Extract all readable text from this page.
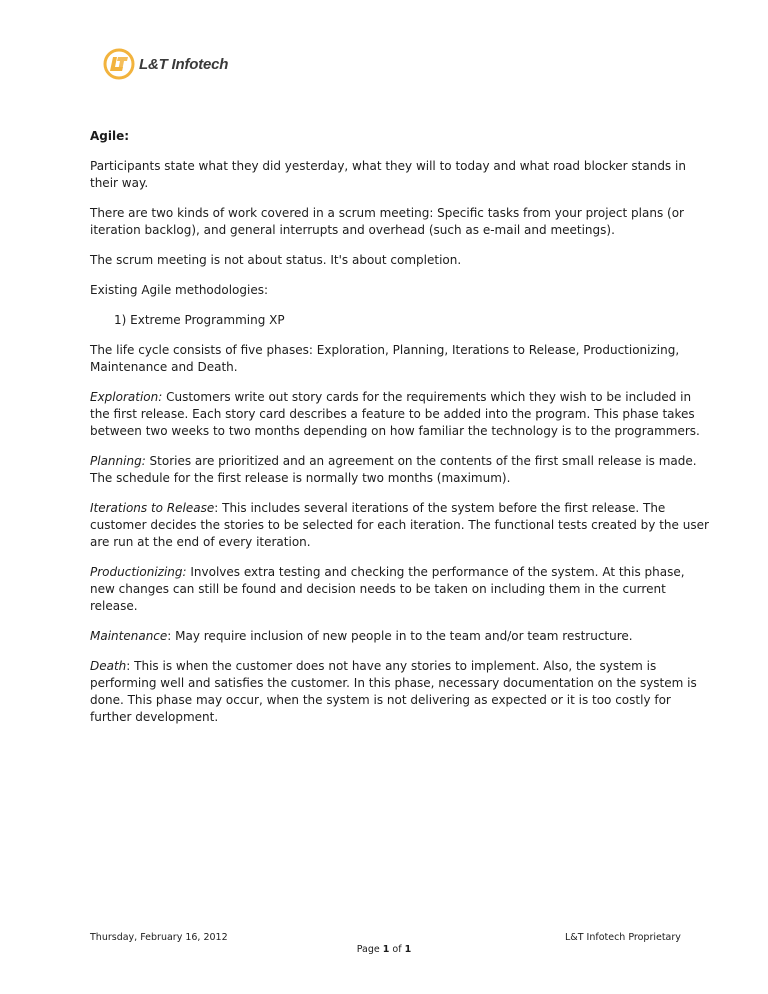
L&T Infotech

Agile:

Participants state what they did yesterday, what they will to today and what road blocker stands in their way.

There are two kinds of work covered in a scrum meeting: Specific tasks from your project plans (or iteration backlog), and general interrupts and overhead (such as e-mail and meetings).

The scrum meeting is not about status. It's about completion.

Existing Agile methodologies:

1) Extreme Programming XP

The life cycle consists of five phases: Exploration, Planning, Iterations to Release, Productionizing, Maintenance and Death.

Exploration: Customers write out story cards for the requirements which they wish to be included in the first release. Each story card describes a feature to be added into the program. This phase takes between two weeks to two months depending on how familiar the technology is to the programmers.

Planning: Stories are prioritized and an agreement on the contents of the first small release is made. The schedule for the first release is normally two months (maximum).

Iterations to Release: This includes several iterations of the system before the first release. The customer decides the stories to be selected for each iteration. The functional tests created by the user are run at the end of every iteration.

Productionizing: Involves extra testing and checking the performance of the system. At this phase, new changes can still be found and decision needs to be taken on including them in the current release.

Maintenance: May require inclusion of new people in to the team and/or team restructure.

Death: This is when the customer does not have any stories to implement. Also, the system is performing well and satisfies the customer. In this phase, necessary documentation on the system is done. This phase may occur, when the system is not delivering as expected or it is too costly for further development.

Thursday, February 16, 2012	L&T Infotech Proprietary
Page 1 of 1
